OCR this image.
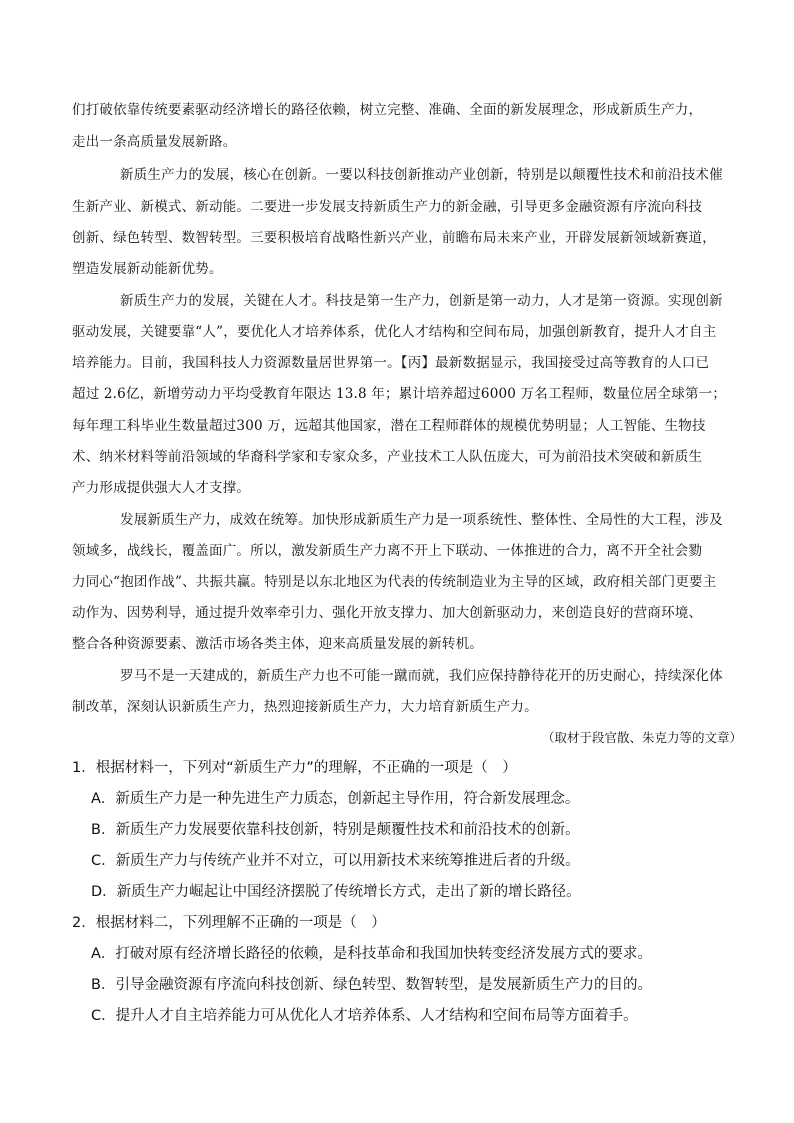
们打破依靠传统要素驱动经济增长的路径依赖，树立完整、准确、全面的新发展理念，形成新质生产力，
走出一条高质量发展新路。
新质生产力的发展，核心在创新。一要以科技创新推动产业创新，特别是以颠覆性技术和前沿技术催
生新产业、新模式、新动能。二要进一步发展支持新质生产力的新金融，引导更多金融资源有序流向科技
创新、绿色转型、数智转型。三要积极培育战略性新兴产业，前瞻布局未来产业，开辟发展新领域新赛道，
塑造发展新动能新优势。
新质生产力的发展，关键在人才。科技是第一生产力，创新是第一动力，人才是第一资源。实现创新
驱动发展，关键要靠“人”，要优化人才培养体系，优化人才结构和空间布局，加强创新教育，提升人才自主
培养能力。目前，我国科技人力资源数量居世界第一。【丙】最新数据显示，我国接受过高等教育的人口已
超过 2.6亿，新增劳动力平均受教育年限达 13.8 年；累计培养超过6000 万名工程师，数量位居全球第一；
每年理工科毕业生数量超过300 万，远超其他国家，潜在工程师群体的规模优势明显；人工智能、生物技
术、纳米材料等前沿领域的华裔科学家和专家众多，产业技术工人队伍庞大，可为前沿技术突破和新质生
产力形成提供强大人才支撑。
发展新质生产力，成效在统筹。加快形成新质生产力是一项系统性、整体性、全局性的大工程，涉及
领域多，战线长，覆盖面广。所以，激发新质生产力离不开上下联动、一体推进的合力，离不开全社会勠
力同心“抱团作战”、共振共赢。特别是以东北地区为代表的传统制造业为主导的区域，政府相关部门更要主
动作为、因势利导，通过提升效率牵引力、强化开放支撑力、加大创新驱动力，来创造良好的营商环境、
整合各种资源要素、激活市场各类主体，迎来高质量发展的新转机。
罗马不是一天建成的，新质生产力也不可能一蹴而就，我们应保持静待花开的历史耐心，持续深化体
制改革，深刻认识新质生产力，热烈迎接新质生产力，大力培育新质生产力。
（取材于段官散、朱克力等的文章）
1．根据材料一，下列对“新质生产力”的理解，不正确的一项是（　）
A．新质生产力是一种先进生产力质态，创新起主导作用，符合新发展理念。
B．新质生产力发展要依靠科技创新，特别是颠覆性技术和前沿技术的创新。
C．新质生产力与传统产业并不对立，可以用新技术来统筹推进后者的升级。
D．新质生产力崛起让中国经济摆脱了传统增长方式，走出了新的增长路径。
2．根据材料二，下列理解不正确的一项是（　）
A．打破对原有经济增长路径的依赖，是科技革命和我国加快转变经济发展方式的要求。
B．引导金融资源有序流向科技创新、绿色转型、数智转型，是发展新质生产力的目的。
C．提升人才自主培养能力可从优化人才培养体系、人才结构和空间布局等方面着手。
